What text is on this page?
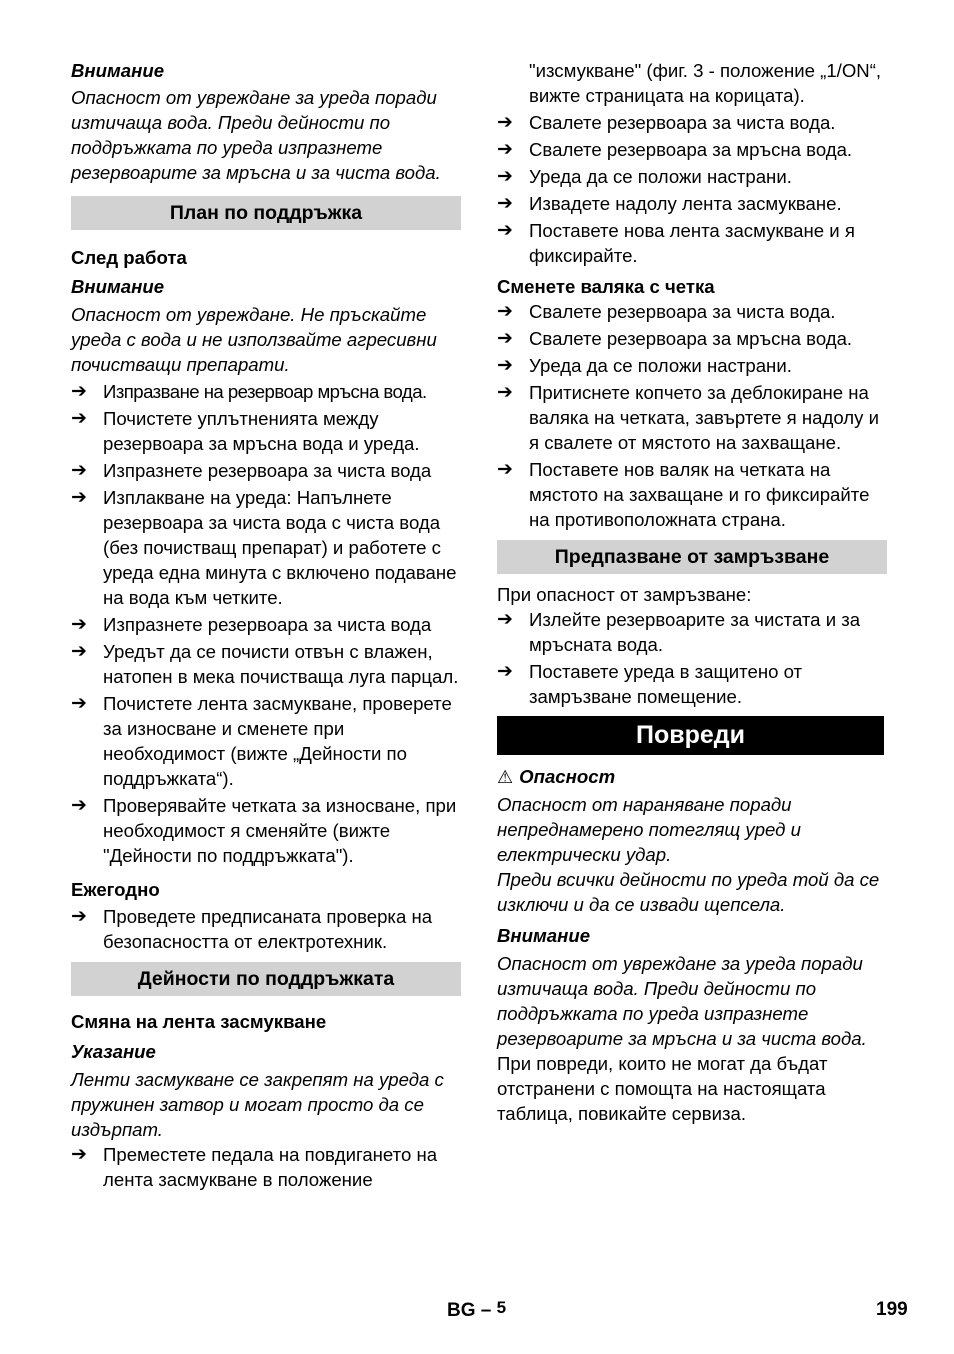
Внимание

Опасност от увреждане за уреда поради изтичаща вода. Преди дейности по поддръжката по уреда изпразнете резервоарите за мръсна и за чиста вода.

План по поддръжка

След работа

Внимание

Опасност от увреждане. Не пръскайте уреда с вода и не използвайте агресивни почистващи препарати.

➔ Изпразване на резервоар мръсна вода.
➔ Почистете уплътненията между резервоара за мръсна вода и уреда.
➔ Изпразнете резервоара за чиста вода
➔ Изплакване на уреда: Напълнете резервоара за чиста вода с чиста вода (без почистващ препарат) и работете с уреда една минута с включено подаване на вода към четките.
➔ Изпразнете резервоара за чиста вода
➔ Уредът да се почисти отвън с влажен, натопен в мека почистваща луга парцал.
➔ Почистете лента засмукване, проверете за износване и сменете при необходимост (вижте „Дейности по поддръжката“).
➔ Проверявайте четката за износване, при необходимост я сменяйте (вижте "Дейности по поддръжката").

Ежегодно

➔ Проведете предписаната проверка на безопасността от електротехник.
Дейности по поддръжката

Смяна на лента засмукване

Указание

Ленти засмукване се закрепят на уреда с пружинен затвор и могат просто да се издърпат.

➔ Преместете педала на повдигането на лента засмукване в положение

"изсмукване" (фиг. 3 - положение „1/ON“, вижте страницата на корицата).

➔ Свалете резервоара за чиста вода.
➔ Свалете резервоара за мръсна вода.
➔ Уреда да се положи настрани.
➔ Извадете надолу лента засмукване.
➔ Поставете нова лента засмукване и я фиксирайте.

Сменете валяка с четка

➔ Свалете резервоара за чиста вода.
➔ Свалете резервоара за мръсна вода.
➔ Уреда да се положи настрани.
➔ Притиснете копчето за деблокиране на валяка на четката, завъртете я надолу и я свалете от мястото на захващане.
➔ Поставете нов валяк на четката на мястото на захващане и го фиксирайте на противоположната страна.
Предпазване от замръзване

При опасност от замръзване:

➔ Излейте резервоарите за чистата и за мръсната вода.
➔ Поставете уреда в защитено от замръзване помещение.
Повреди

⚠ Опасност

Опасност от нараняване поради непреднамерено потеглящ уред и електрически удар.

Преди всички дейности по уреда той да се изключи и да се извади щепсела.

Внимание

Опасност от увреждане за уреда поради изтичаща вода. Преди дейности по поддръжката по уреда изпразнете резервоарите за мръсна и за чиста вода.

При повреди, които не могат да бъдат отстранени с помощта на настоящата таблица, повикайте сервиза.

BG – $^5$	199
